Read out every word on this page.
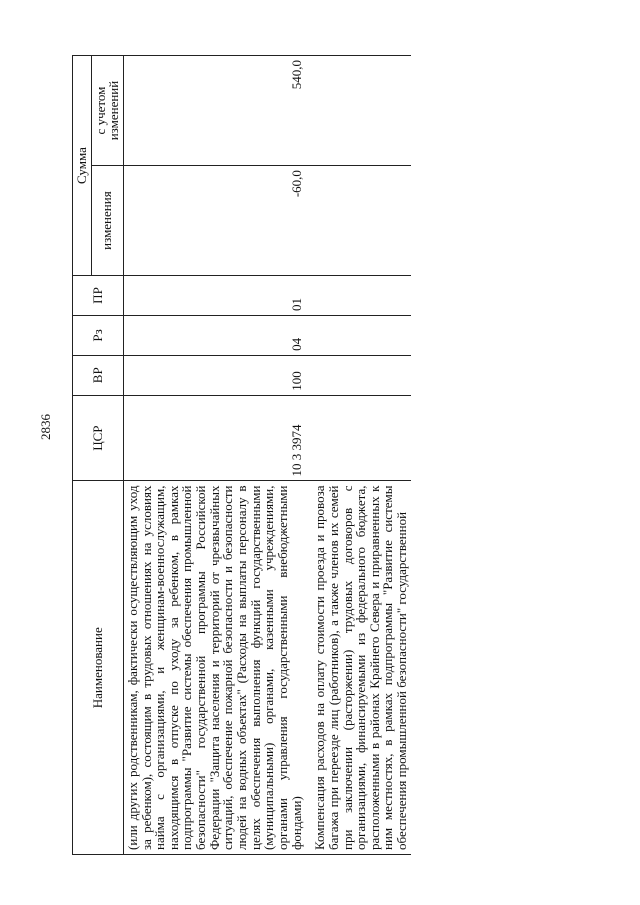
2836
Наименование	ЦСР	ВР	Рз	ПР	Сумма	
					изменения	с учетом изменений
(или других родственникам, фактически осуществляющим уход за ребенком), состоящим в трудовых отношениях на условиях найма с организациями, и женщинам-военнослужащим, находящимся в отпуске по уходу за ребенком, в рамках подпрограммы "Развитие системы обеспечения промышленной безопасности" государственной программы Российской Федерации "Защита населения и территорий от чрезвычайных ситуаций, обеспечение пожарной безопасности и безопасности людей на водных объектах" (Расходы на выплаты персоналу в целях обеспечения выполнения функций государственными (муниципальными) органами, казенными учреждениями, органами управления государственными внебюджетными фондами)	10 3 3974	100	04	01	-60,0	540,0
Компенсация расходов на оплату стоимости проезда и провоза багажа при переезде лиц (работников), а также членов их семей при заключении (расторжении) трудовых договоров с организациями, финансируемыми из федерального бюджета, расположенными в районах Крайнего Севера и приравненных к ним местностях, в рамках подпрограммы "Развитие системы обеспечения промышленной безопасности" государственной						
